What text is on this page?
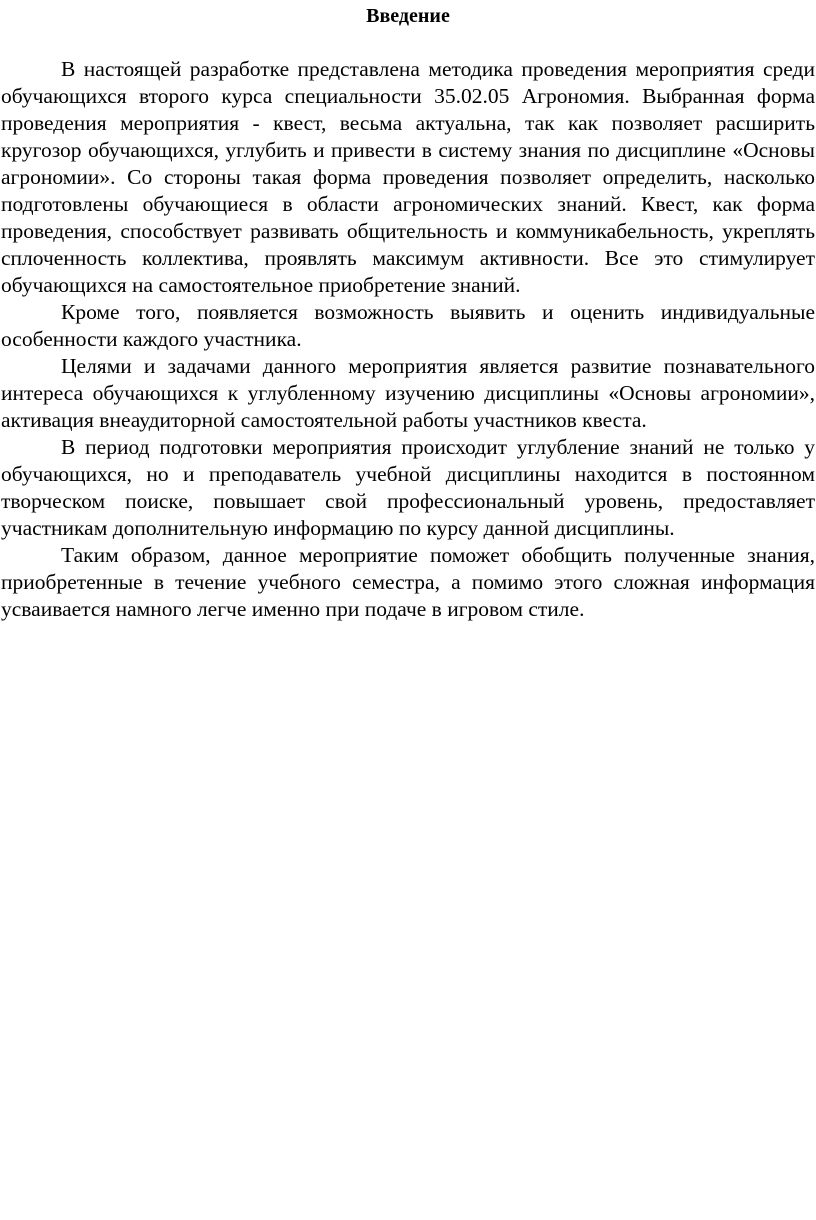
Введение

В настоящей разработке представлена методика проведения мероприятия среди обучающихся второго курса специальности 35.02.05 Агрономия. Выбранная форма проведения мероприятия - квест, весьма актуальна, так как позволяет расширить кругозор обучающихся, углубить и привести в систему знания по дисциплине «Основы агрономии». Со стороны такая форма проведения позволяет определить, насколько подготовлены обучающиеся в области агрономических знаний. Квест, как форма проведения, способствует развивать общительность и коммуникабельность, укреплять сплоченность коллектива, проявлять максимум активности. Все это стимулирует обучающихся на самостоятельное приобретение знаний.

Кроме того, появляется возможность выявить и оценить индивидуальные особенности каждого участника.

Целями и задачами данного мероприятия является развитие познавательного интереса обучающихся к углубленному изучению дисциплины «Основы агрономии», активация внеаудиторной самостоятельной работы участников квеста.

В период подготовки мероприятия происходит углубление знаний не только у обучающихся, но и преподаватель учебной дисциплины находится в постоянном творческом поиске, повышает свой профессиональный уровень, предоставляет участникам дополнительную информацию по курсу данной дисциплины.

Таким образом, данное мероприятие поможет обобщить полученные знания, приобретенные в течение учебного семестра, а помимо этого сложная информация усваивается намного легче именно при подаче в игровом стиле.
